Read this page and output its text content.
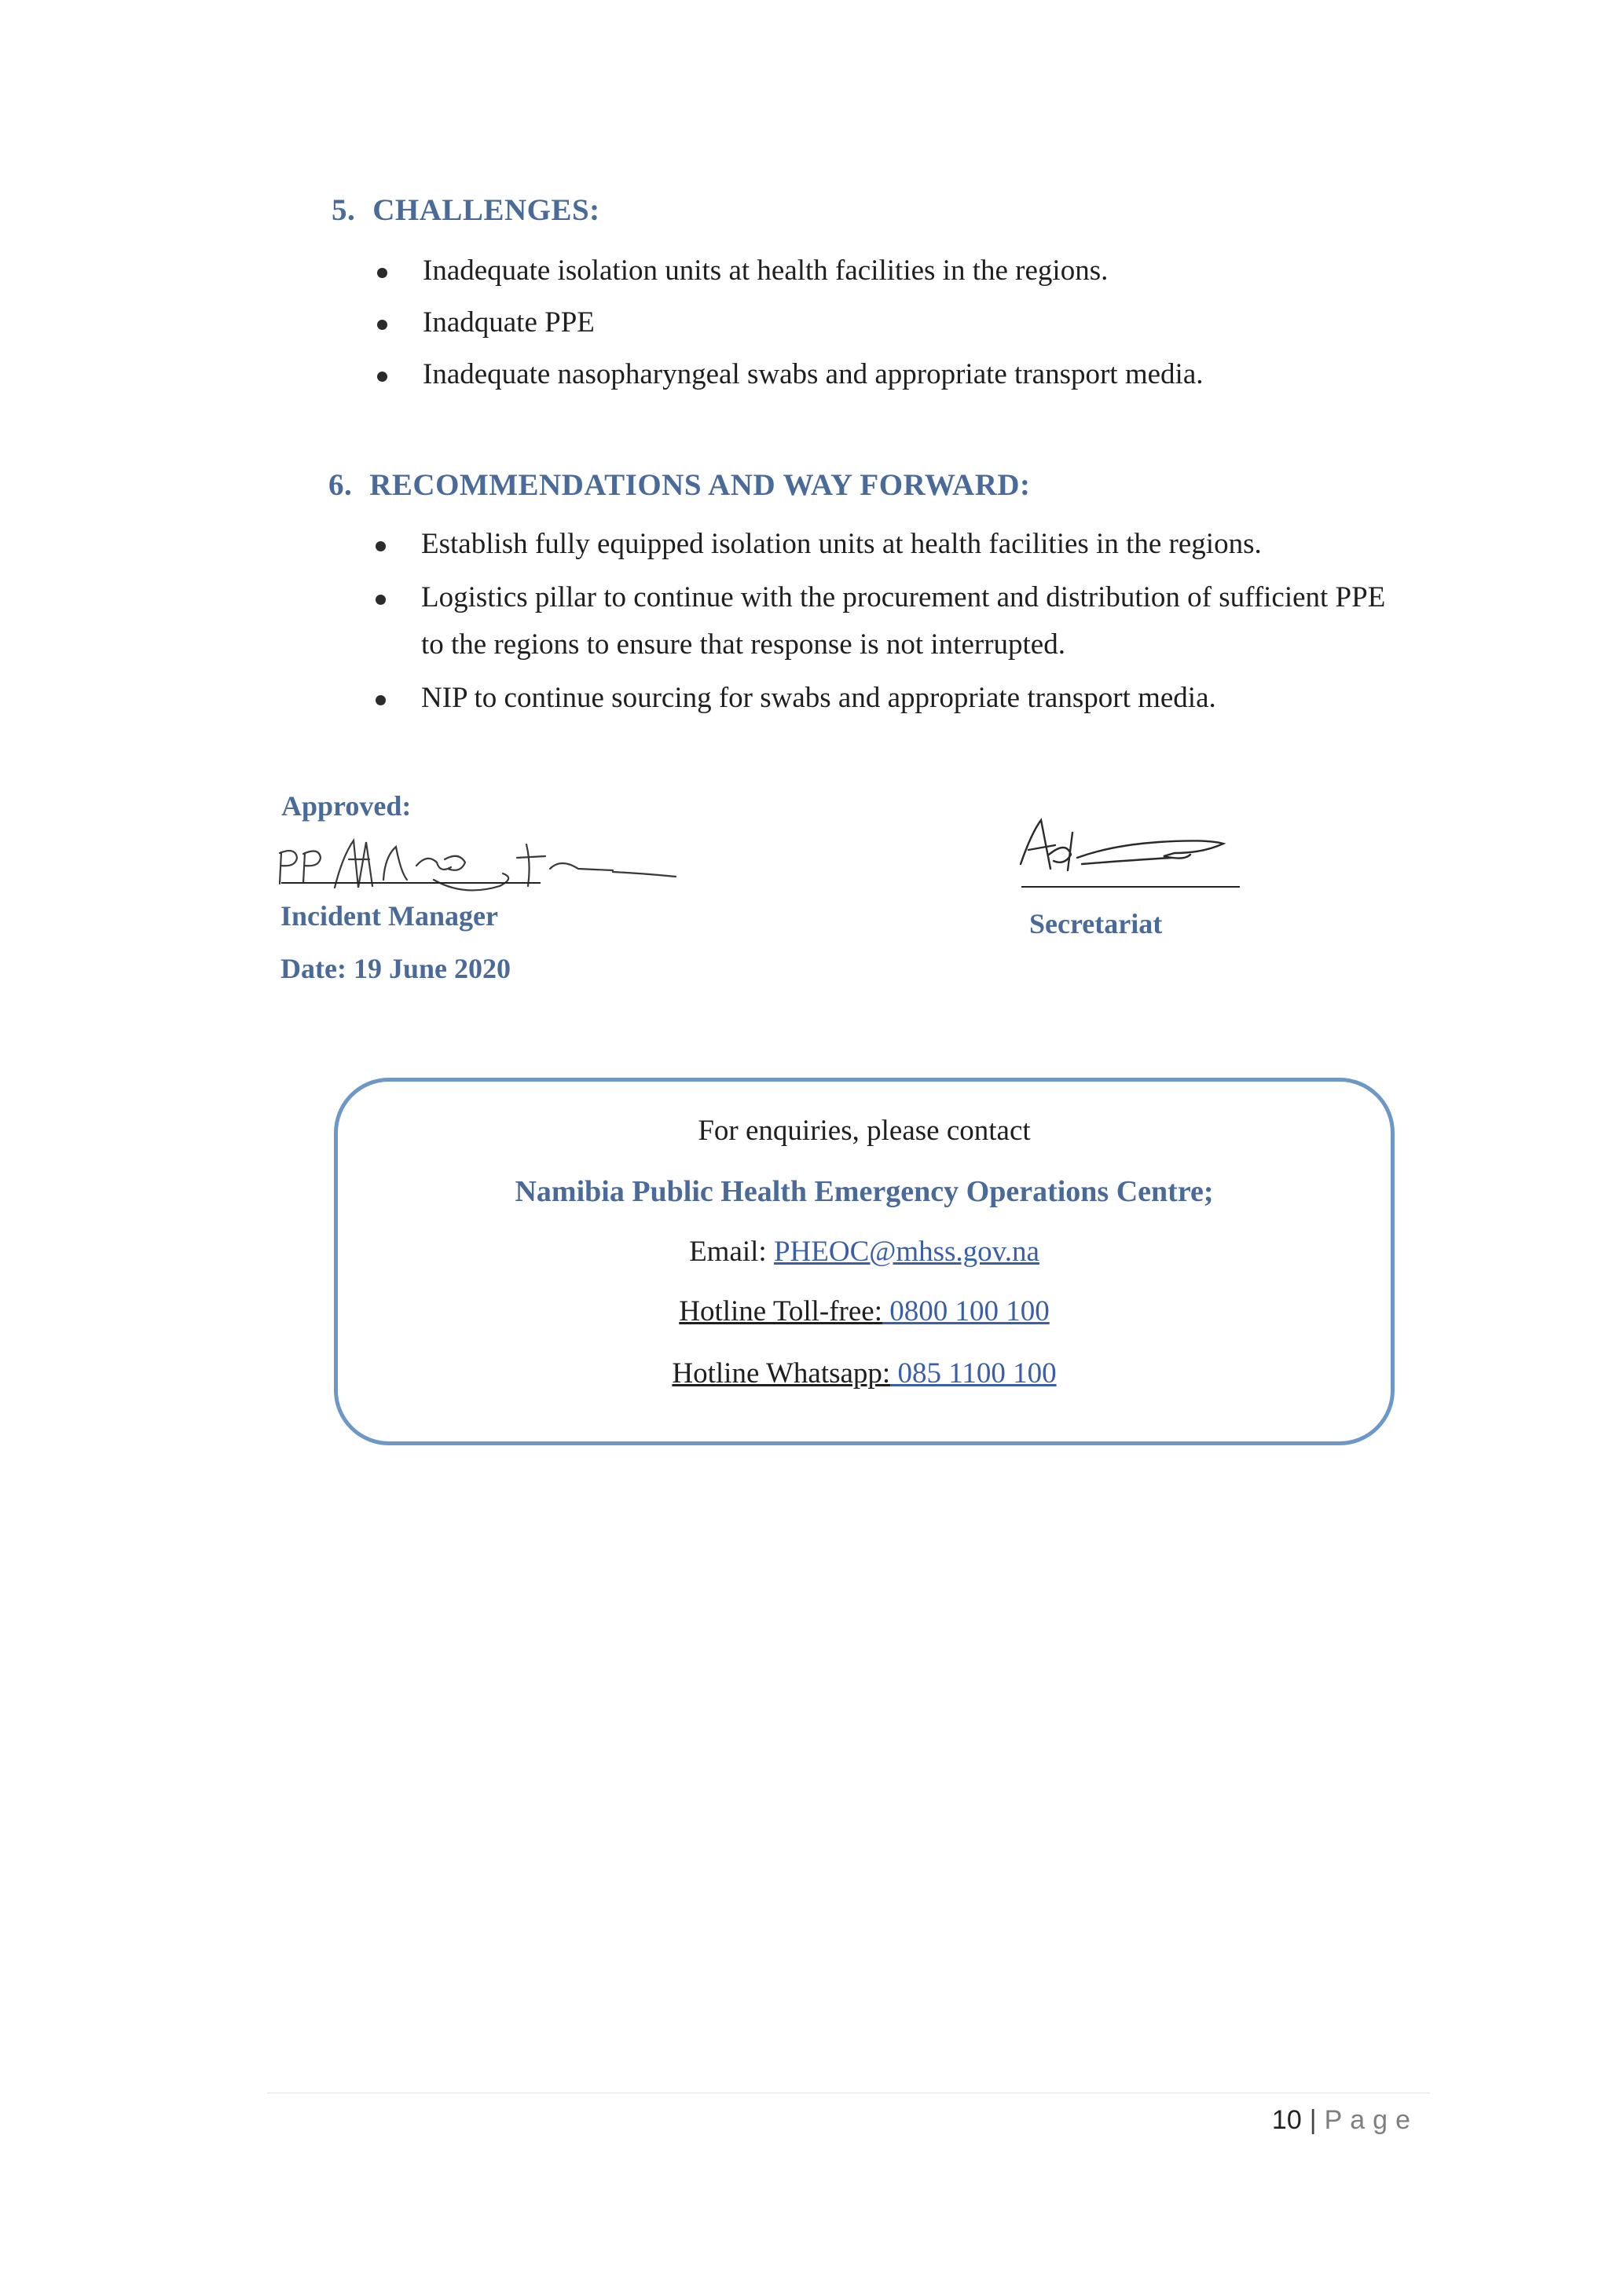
5. CHALLENGES:
Inadequate isolation units at health facilities in the regions.
Inadquate PPE
Inadequate nasopharyngeal swabs and appropriate transport media.
6. RECOMMENDATIONS AND WAY FORWARD:
Establish fully equipped isolation units at health facilities in the regions.
Logistics pillar to continue with the procurement and distribution of sufficient PPE
to the regions to ensure that response is not interrupted.
NIP to continue sourcing for swabs and appropriate transport media.
Approved:
Incident Manager
Date: 19 June 2020
Secretariat
For enquiries, please contact
Namibia Public Health Emergency Operations Centre;
Email: PHEOC@mhss.gov.na
Hotline Toll-free: 0800 100 100
Hotline Whatsapp: 085 1100 100
10 | Page
